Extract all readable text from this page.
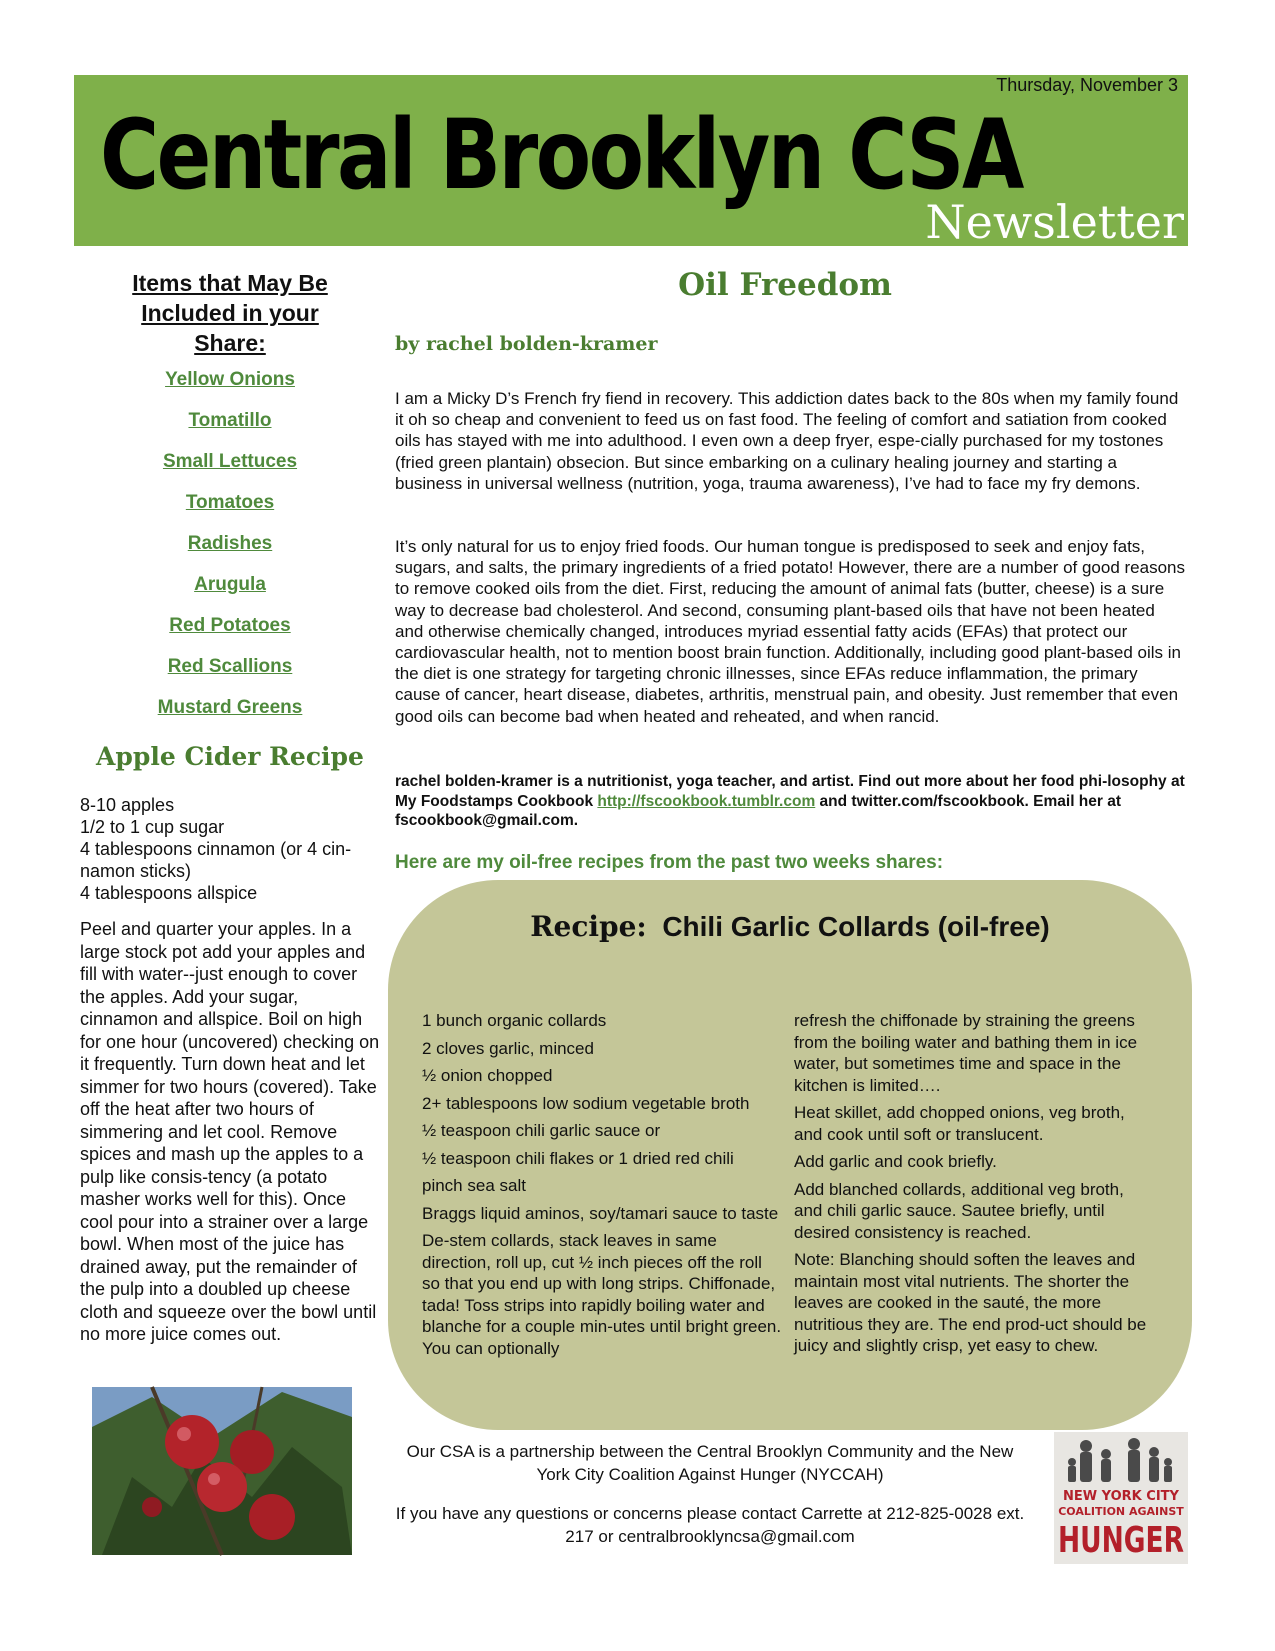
Thursday, November 3
Central Brooklyn CSA
Newsletter
Items that May Be
Included in your
Share:
Yellow Onions
Tomatillo
Small Lettuces
Tomatoes
Radishes
Arugula
Red Potatoes
Red Scallions
Mustard Greens
Apple Cider Recipe
8-10 apples
1/2 to 1 cup sugar
4 tablespoons cinnamon (or 4 cin-namon sticks)
4 tablespoons allspice

Peel and quarter your apples. In a large stock pot add your apples and fill with water--just enough to cover the apples. Add your sugar, cinnamon and allspice. Boil on high for one hour (uncovered) checking on it frequently. Turn down heat and let simmer for two hours (covered). Take off the heat after two hours of simmering and let cool. Remove spices and mash up the apples to a pulp like consis-tency (a potato masher works well for this). Once cool pour into a strainer over a large bowl. When most of the juice has drained away, put the remainder of the pulp into a doubled up cheese cloth and squeeze over the bowl until no more juice comes out.

Oil Freedom
by rachel bolden-kramer

I am a Micky D’s French fry fiend in recovery. This addiction dates back to the 80s when my family found it oh so cheap and convenient to feed us on fast food. The feeling of comfort and satiation from cooked oils has stayed with me into adulthood. I even own a deep fryer, espe-cially purchased for my tostones (fried green plantain) obsecion. But since embarking on a culinary healing journey and starting a business in universal wellness (nutrition, yoga, trauma awareness), I’ve had to face my fry demons.

It’s only natural for us to enjoy fried foods. Our human tongue is predisposed to seek and enjoy fats, sugars, and salts, the primary ingredients of a fried potato! However, there are a number of good reasons to remove cooked oils from the diet. First, reducing the amount of animal fats (butter, cheese) is a sure way to decrease bad cholesterol. And second, consuming plant-based oils that have not been heated and otherwise chemically changed, introduces myriad essential fatty acids (EFAs) that protect our cardiovascular health, not to mention boost brain function. Additionally, including good plant-based oils in the diet is one strategy for targeting chronic illnesses, since EFAs reduce inflammation, the primary cause of cancer, heart disease, diabetes, arthritis, menstrual pain, and obesity. Just remember that even good oils can become bad when heated and reheated, and when rancid.

rachel bolden-kramer is a nutritionist, yoga teacher, and artist. Find out more about her food phi-losophy at My Foodstamps Cookbook http://fscookbook.tumblr.com and twitter.com/fscookbook. Email her at fscookbook@gmail.com.

Here are my oil-free recipes from the past two weeks shares:
Recipe: Chili Garlic Collards (oil-free)

1 bunch organic collards

2 cloves garlic, minced

½ onion chopped

2+ tablespoons low sodium vegetable broth

½ teaspoon chili garlic sauce or

½ teaspoon chili flakes or 1 dried red chili

pinch sea salt

Braggs liquid aminos, soy/tamari sauce to taste

De-stem collards, stack leaves in same direction, roll up, cut ½ inch pieces off the roll so that you end up with long strips. Chiffonade, tada! Toss strips into rapidly boiling water and blanche for a couple min-utes until bright green. You can optionally

refresh the chiffonade by straining the greens from the boiling water and bathing them in ice water, but sometimes time and space in the kitchen is limited….

Heat skillet, add chopped onions, veg broth, and cook until soft or translucent.

Add garlic and cook briefly.

Add blanched collards, additional veg broth, and chili garlic sauce. Sautee briefly, until desired consistency is reached.

Note: Blanching should soften the leaves and maintain most vital nutrients. The shorter the leaves are cooked in the sauté, the more nutritious they are. The end prod-uct should be juicy and slightly crisp, yet easy to chew.

Our CSA is a partnership between the Central Brooklyn Community and the New York City Coalition Against Hunger (NYCCAH)

If you have any questions or concerns please contact Carrette at 212-825-0028 ext. 217 or centralbrooklyncsa@gmail.com

NEW YORK CITY
COALITION AGAINST
HUNGER
